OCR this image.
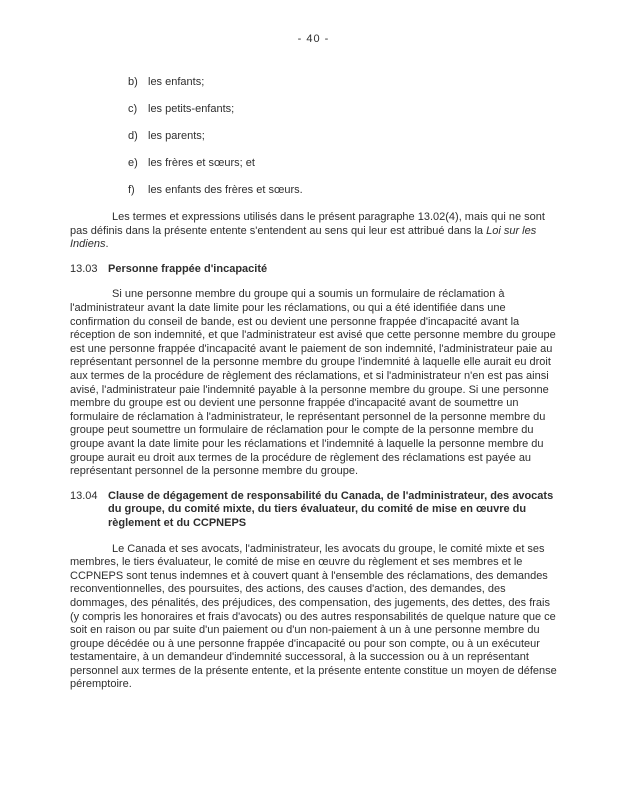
- 40 -
b) les enfants;
c) les petits-enfants;
d) les parents;
e) les frères et sœurs; et
f)	les enfants des frères et sœurs.

Les termes et expressions utilisés dans le présent paragraphe 13.02(4), mais qui ne sont pas définis dans la présente entente s'entendent au sens qui leur est attribué dans la Loi sur les Indiens.

13.03 Personne frappée d'incapacité

Si une personne membre du groupe qui a soumis un formulaire de réclamation à l'administrateur avant la date limite pour les réclamations, ou qui a été identifiée dans une confirmation du conseil de bande, est ou devient une personne frappée d'incapacité avant la réception de son indemnité, et que l'administrateur est avisé que cette personne membre du groupe est une personne frappée d'incapacité avant le paiement de son indemnité, l'administrateur paie au représentant personnel de la personne membre du groupe l'indemnité à laquelle elle aurait eu droit aux termes de la procédure de règlement des réclamations, et si l'administrateur n'en est pas ainsi avisé, l'administrateur paie l'indemnité payable à la personne membre du groupe. Si une personne membre du groupe est ou devient une personne frappée d'incapacité avant de soumettre un formulaire de réclamation à l'administrateur, le représentant personnel de la personne membre du groupe peut soumettre un formulaire de réclamation pour le compte de la personne membre du groupe avant la date limite pour les réclamations et l'indemnité à laquelle la personne membre du groupe aurait eu droit aux termes de la procédure de règlement des réclamations est payée au représentant personnel de la personne membre du groupe.

13.04 Clause de dégagement de responsabilité du Canada, de l'administrateur, des avocats du groupe, du comité mixte, du tiers évaluateur, du comité de mise en œuvre du règlement et du CCPNEPS

Le Canada et ses avocats, l'administrateur, les avocats du groupe, le comité mixte et ses membres, le tiers évaluateur, le comité de mise en œuvre du règlement et ses membres et le CCPNEPS sont tenus indemnes et à couvert quant à l'ensemble des réclamations, des demandes reconventionnelles, des poursuites, des actions, des causes d'action, des demandes, des dommages, des pénalités, des préjudices, des compensation, des jugements, des dettes, des frais (y compris les honoraires et frais d'avocats) ou des autres responsabilités de quelque nature que ce soit en raison ou par suite d'un paiement ou d'un non-paiement à un à une personne membre du groupe décédée ou à une personne frappée d'incapacité ou pour son compte, ou à un exécuteur testamentaire, à un demandeur d'indemnité successoral, à la succession ou à un représentant personnel aux termes de la présente entente, et la présente entente constitue un moyen de défense péremptoire.
